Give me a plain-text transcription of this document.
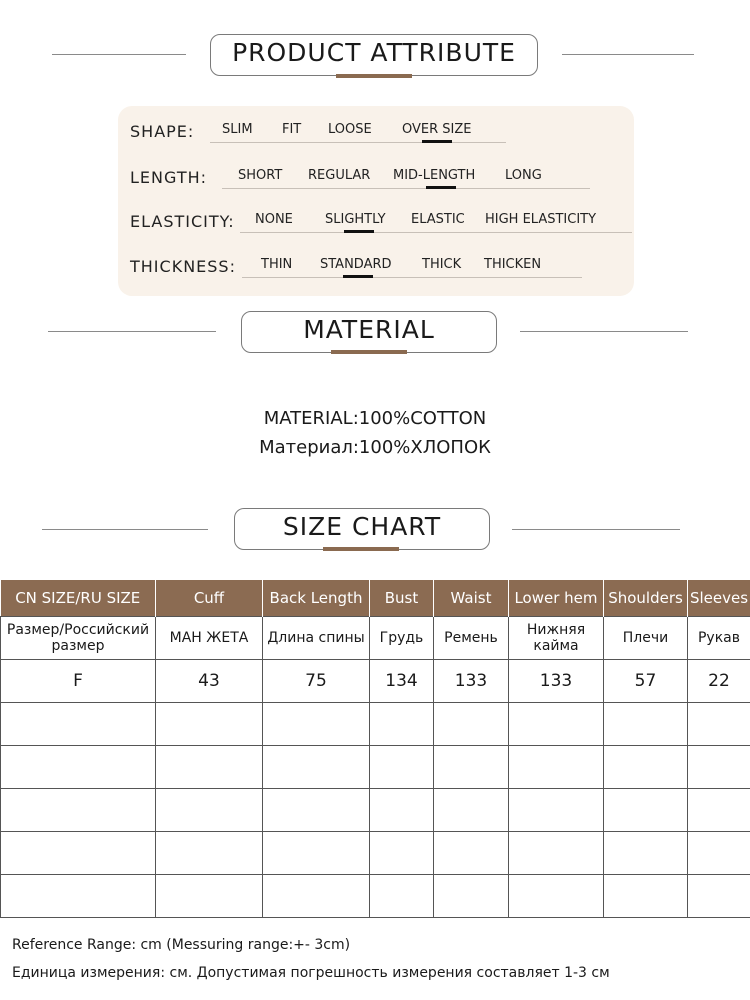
PRODUCT ATTRIBUTE
SHAPE: SLIM FIT LOOSE OVER SIZE
LENGTH: SHORT REGULAR MID-LENGTH LONG
ELASTICITY: NONE SLIGHTLY ELASTIC HIGH ELASTICITY
THICKNESS: THIN STANDARD THICK THICKEN
MATERIAL
MATERIAL:100%COTTON
Материал:100%ХЛОПОК
SIZE CHART
CN SIZE/RU SIZE	Cuff	Back Length	Bust	Waist	Lower hem	Shoulders	Sleeves
Размер/Российский размер	МАН ЖЕТА	Длина спины	Грудь	Ремень	Нижняя кайма	Плечи	Рукав
F	43	75	134	133	133	57	22

Reference Range: cm (Messuring range:+- 3cm)
Единица измерения: см. Допустимая погрешность измерения составляет 1-3 см
